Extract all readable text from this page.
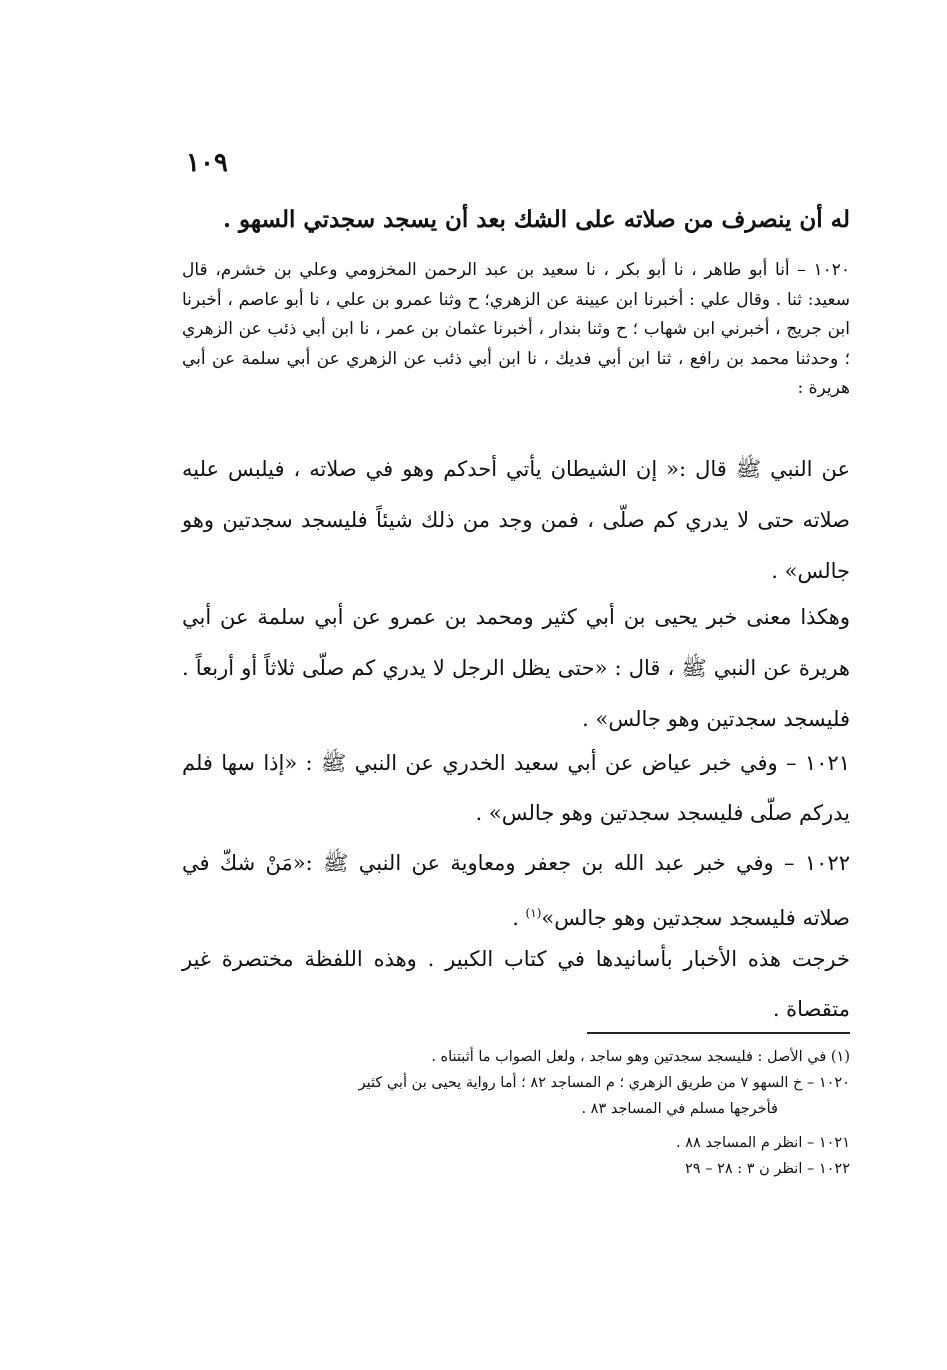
١٠٩
له أن ينصرف من صلاته على الشك بعد أن يسجد سجدتي السهو .
١٠٢٠ – أنا أبو طاهر ، نا أبو بكر ، نا سعيد بن عبد الرحمن المخزومي وعلي بن خشرم، قال سعيد: ثنا . وقال علي : أخبرنا ابن عيينة عن الزهري؛ ح وثنا عمرو بن علي ، نا أبو عاصم ، أخبرنا ابن جريج ، أخبرني ابن شهاب ؛ ح وثنا بندار ، أخبرنا عثمان بن عمر ، نا ابن أبي ذئب عن الزهري ؛ وحدثنا محمد بن رافع ، ثنا ابن أبي فديك ، نا ابن أبي ذئب عن الزهري عن أبي سلمة عن أبي هريرة :
عن النبي ﷺ قال :« إن الشيطان يأتي أحدكم وهو في صلاته ، فيلبس عليه صلاته حتى لا يدري كم صلّى ، فمن وجد من ذلك شيئاً فليسجد سجدتين وهو جالس» .
وهكذا معنى خبر يحيى بن أبي كثير ومحمد بن عمرو عن أبي سلمة عن أبي هريرة عن النبي ﷺ ، قال : «حتى يظل الرجل لا يدري كم صلّى ثلاثاً أو أربعاً . فليسجد سجدتين وهو جالس» .
١٠٢١ – وفي خبر عياض عن أبي سعيد الخدري عن النبي ﷺ : «إذا سها فلم يدركم صلّى فليسجد سجدتين وهو جالس» .
١٠٢٢ – وفي خبر عبد الله بن جعفر ومعاوية عن النبي ﷺ :«مَنْ شكّ في صلاته فليسجد سجدتين وهو جالس»$^{(١)}$ .
خرجت هذه الأخبار بأسانيدها في كتاب الكبير . وهذه اللفظة مختصرة غير متقصاة .
(١) في الأصل : فليسجد سجدتين وهو ساجد ، ولعل الصواب ما أثبتناه .
١٠٢٠ – خ السهو ٧ من طريق الزهري ؛ م المساجد ٨٢ ؛ أما رواية يحيى بن أبي كثير
فأخرجها مسلم في المساجد ٨٣ .
١٠٢١ – انظر م المساجد ٨٨ .
١٠٢٢ – انظر ن ٣ : ٢٨ – ٢٩
